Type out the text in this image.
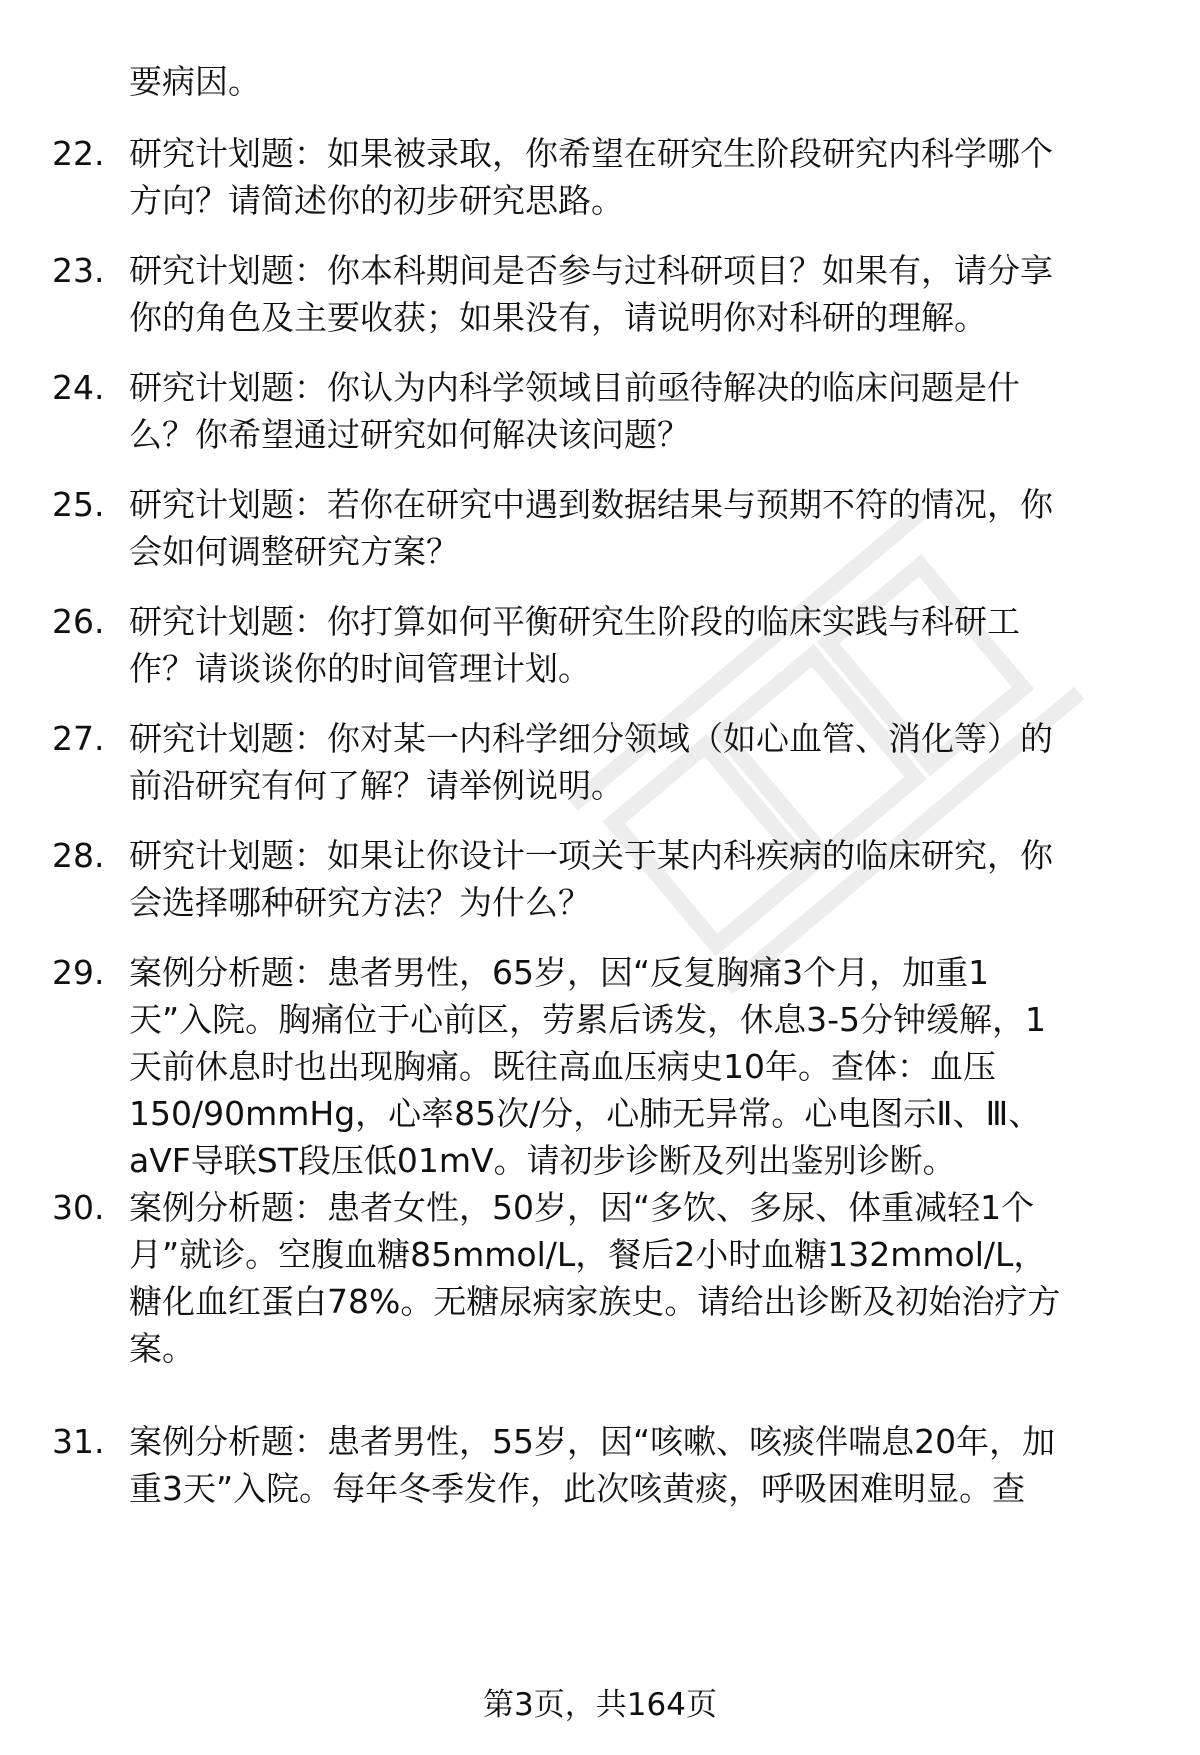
要病因。
22. 研究计划题：如果被录取，你希望在研究生阶段研究内科学哪个
方向？请简述你的初步研究思路。
23. 研究计划题：你本科期间是否参与过科研项目？如果有，请分享
你的角色及主要收获；如果没有，请说明你对科研的理解。
24. 研究计划题：你认为内科学领域目前亟待解决的临床问题是什
么？你希望通过研究如何解决该问题？
25. 研究计划题：若你在研究中遇到数据结果与预期不符的情况，你
会如何调整研究方案？
26. 研究计划题：你打算如何平衡研究生阶段的临床实践与科研工
作？请谈谈你的时间管理计划。
27. 研究计划题：你对某一内科学细分领域（如心血管、消化等）的
前沿研究有何了解？请举例说明。
28. 研究计划题：如果让你设计一项关于某内科疾病的临床研究，你
会选择哪种研究方法？为什么？
29. 案例分析题：患者男性，65岁，因“反复胸痛3个月，加重1
天”入院。胸痛位于心前区，劳累后诱发，休息3-5分钟缓解，1
天前休息时也出现胸痛。既往高血压病史10年。查体：血压
150/90mmHg，心率85次/分，心肺无异常。心电图示Ⅱ、Ⅲ、
aVF导联ST段压低01mV。请初步诊断及列出鉴别诊断。
30. 案例分析题：患者女性，50岁，因“多饮、多尿、体重减轻1个
月”就诊。空腹血糖85mmol/L，餐后2小时血糖132mmol/L，
糖化血红蛋白78%。无糖尿病家族史。请给出诊断及初始治疗方
案。
31. 案例分析题：患者男性，55岁，因“咳嗽、咳痰伴喘息20年，加
重3天”入院。每年冬季发作，此次咳黄痰，呼吸困难明显。查
第3页，共164页
